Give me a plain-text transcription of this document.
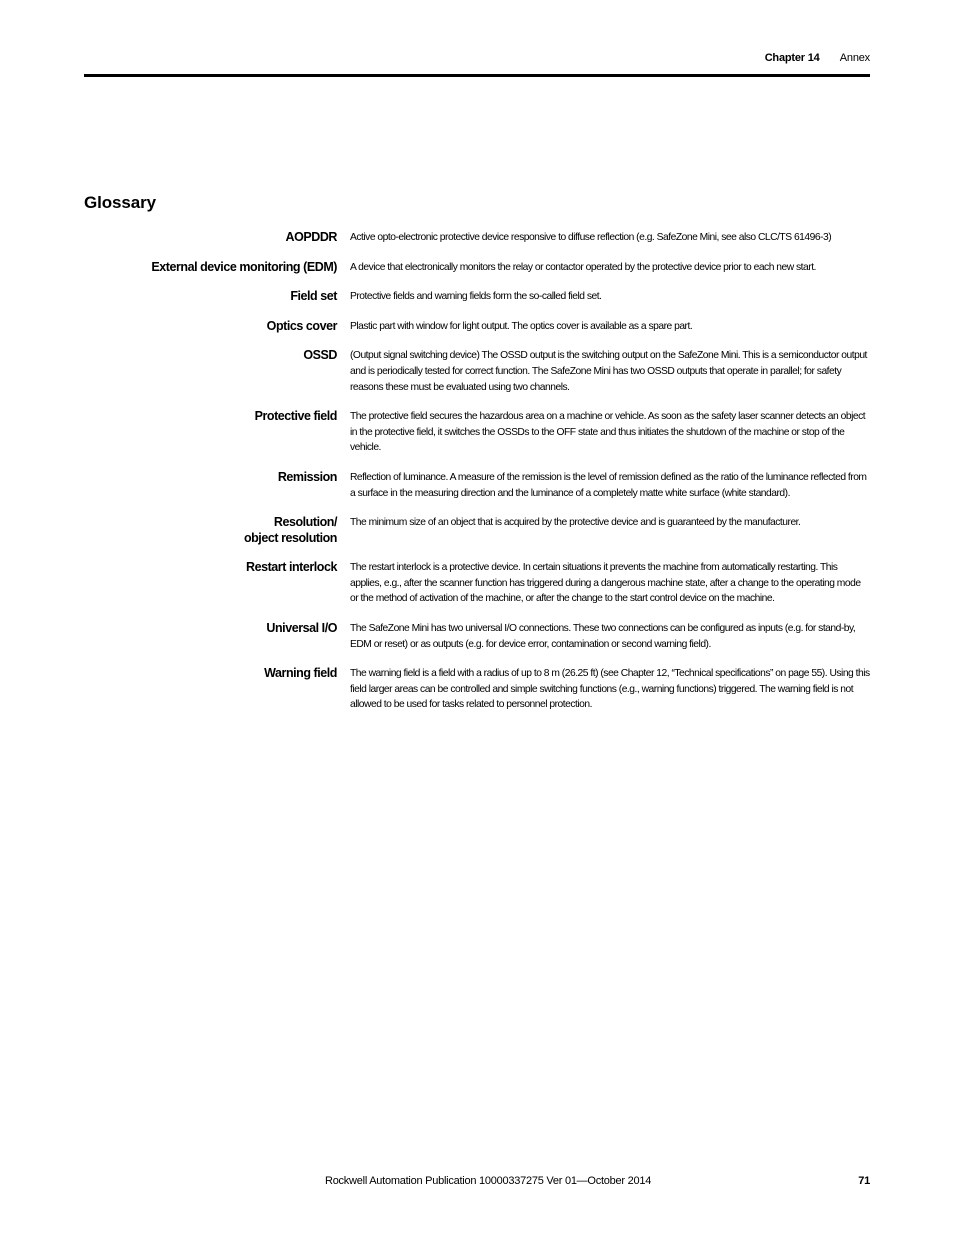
Chapter 14 Annex
Glossary
AOPDDR Active opto-electronic protective device responsive to diffuse reflection (e.g. SafeZone Mini, see also CLC/TS 61496-3)
External device monitoring (EDM) A device that electronically monitors the relay or contactor operated by the protective device prior to each new start.
Field set Protective fields and warning fields form the so-called field set.
Optics cover Plastic part with window for light output. The optics cover is available as a spare part.
OSSD (Output signal switching device) The OSSD output is the switching output on the SafeZone Mini. This is a semiconductor output and is periodically tested for correct function. The SafeZone Mini has two OSSD outputs that operate in parallel; for safety reasons these must be evaluated using two channels.
Protective field The protective field secures the hazardous area on a machine or vehicle. As soon as the safety laser scanner detects an object in the protective field, it switches the OSSDs to the OFF state and thus initiates the shutdown of the machine or stop of the vehicle.
Remission Reflection of luminance. A measure of the remission is the level of remission defined as the ratio of the luminance reflected from a surface in the measuring direction and the luminance of a completely matte white surface (white standard).
Resolution/
object resolution
The minimum size of an object that is acquired by the protective device and is guaranteed by the manufacturer.
Restart interlock The restart interlock is a protective device. In certain situations it prevents the machine from automatically restarting. This applies, e.g., after the scanner function has triggered during a dangerous machine state, after a change to the operating mode or the method of activation of the machine, or after the change to the start control device on the machine.
Universal I/O The SafeZone Mini has two universal I/O connections. These two connections can be configured as inputs (e.g. for stand-by, EDM or reset) or as outputs (e.g. for device error, contamination or second warning field).
Warning field The warning field is a field with a radius of up to 8 m (26.25 ft) (see Chapter 12, “Technical specifications” on page 55). Using this field larger areas can be controlled and simple switching functions (e.g., warning functions) triggered. The warning field is not allowed to be used for tasks related to personnel protection.
Rockwell Automation Publication 10000337275 Ver 01—October 2014	71
